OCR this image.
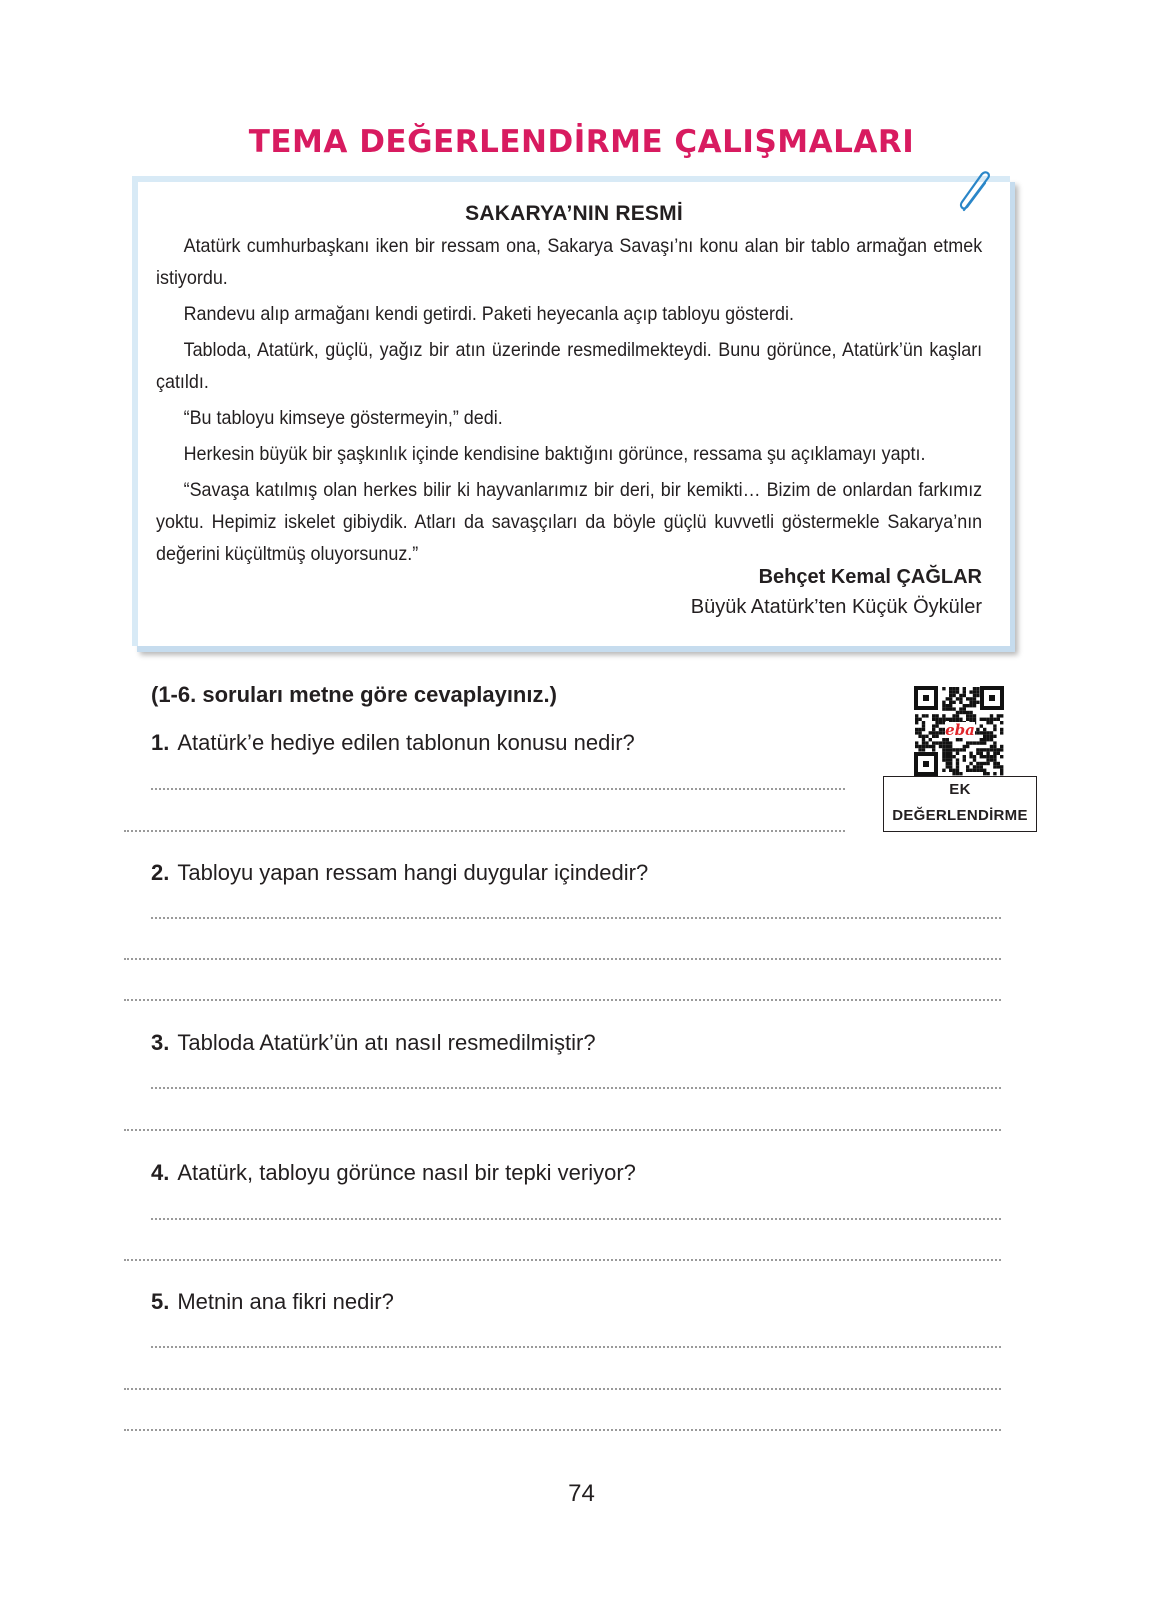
TEMA DEĞERLENDİRME ÇALIŞMALARI
SAKARYA’NIN RESMİ

Atatürk cumhurbaşkanı iken bir ressam ona, Sakarya Savaşı’nı konu alan bir tablo armağan etmek istiyordu.

Randevu alıp armağanı kendi getirdi. Paketi heyecanla açıp tabloyu gösterdi.

Tabloda, Atatürk, güçlü, yağız bir atın üzerinde resmedilmekteydi. Bunu görünce, Atatürk’ün kaşları çatıldı.

“Bu tabloyu kimseye göstermeyin,” dedi.

Herkesin büyük bir şaşkınlık içinde kendisine baktığını görünce, ressama şu açıklamayı yaptı.

“Savaşa katılmış olan herkes bilir ki hayvanlarımız bir deri, bir kemikti… Bizim de onlardan farkımız yoktu. Hepimiz iskelet gibiydik. Atları da savaşçıları da böyle güçlü kuvvetli göstermekle Sakarya’nın değerini küçültmüş oluyorsunuz.”

Behçet Kemal ÇAĞLAR
Büyük Atatürk’ten Küçük Öyküler
(1-6. soruları metne göre cevaplayınız.)
eba
EK
DEĞERLENDİRME
1. Atatürk’e hediye edilen tablonun konusu nedir?
2. Tabloyu yapan ressam hangi duygular içindedir?
3. Tabloda Atatürk’ün atı nasıl resmedilmiştir?
4. Atatürk, tabloyu görünce nasıl bir tepki veriyor?
5. Metnin ana fikri nedir?
74
